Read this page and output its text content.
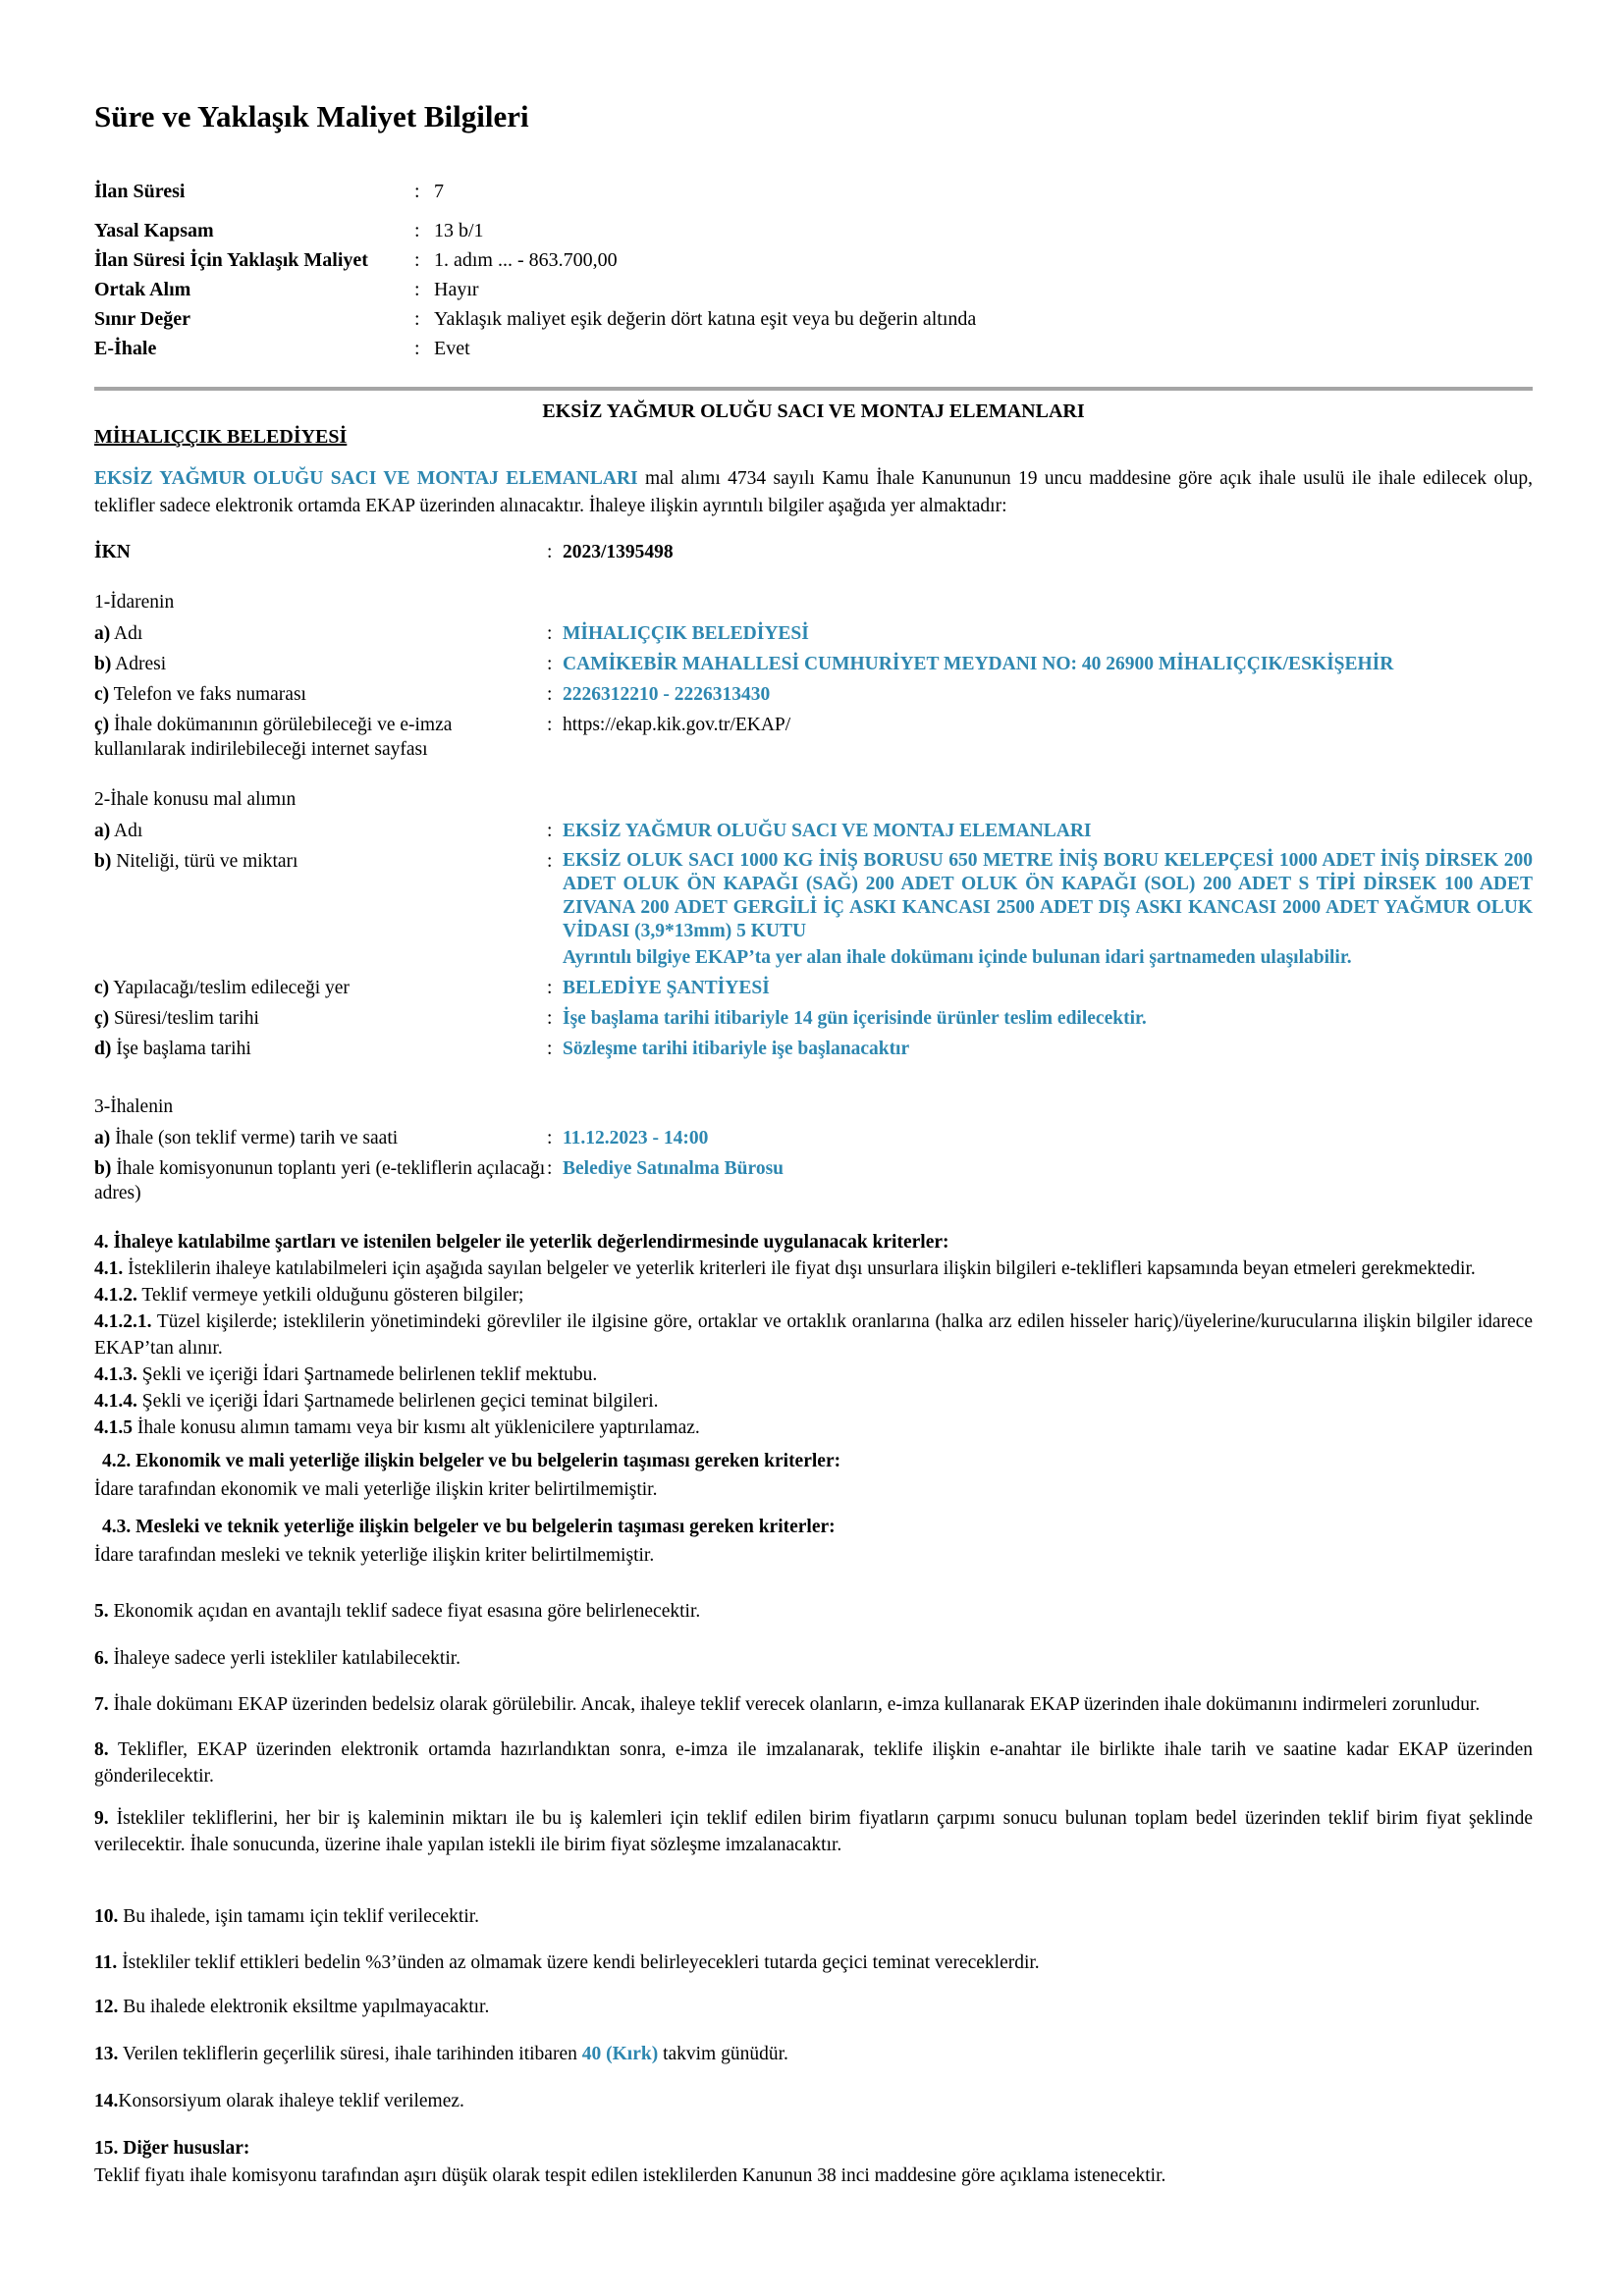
Süre ve Yaklaşık Maliyet Bilgileri
İlan Süresi	: 7
Yasal Kapsam	: 13 b/1
İlan Süresi İçin Yaklaşık Maliyet	: 1. adım ... - 863.700,00
Ortak Alım	: Hayır
Sınır Değer	: Yaklaşık maliyet eşik değerin dört katına eşit veya bu değerin altında
E-İhale	: Evet
EKSİZ YAĞMUR OLUĞU SACI VE MONTAJ ELEMANLARI
MİHALIÇÇIK BELEDİYESİ

EKSİZ YAĞMUR OLUĞU SACI VE MONTAJ ELEMANLARI mal alımı 4734 sayılı Kamu İhale Kanununun 19 uncu maddesine göre açık ihale usulü ile ihale edilecek olup, teklifler sadece elektronik ortamda EKAP üzerinden alınacaktır. İhaleye ilişkin ayrıntılı bilgiler aşağıda yer almaktadır:

İKN	: 2023/1395498
1-İdarenin
a) Adı	: MİHALIÇÇIK BELEDİYESİ
b) Adresi	: CAMİKEBİR MAHALLESİ CUMHURİYET MEYDANI NO: 40 26900 MİHALIÇÇIK/ESKİŞEHİR
c) Telefon ve faks numarası	: 2226312210 - 2226313430
ç) İhale dokümanının görülebileceği ve e-imza kullanılarak indirilebileceği internet sayfası
: https://ekap.kik.gov.tr/EKAP/
2-İhale konusu mal alımın
a) Adı	: EKSİZ YAĞMUR OLUĞU SACI VE MONTAJ ELEMANLARI
b) Niteliği, türü ve miktarı	: EKSİZ OLUK SACI 1000 KG İNİŞ BORUSU 650 METRE İNİŞ BORU KELEPÇESİ 1000 ADET İNİŞ DİRSEK 200 ADET OLUK ÖN KAPAĞI (SAĞ) 200 ADET OLUK ÖN KAPAĞI (SOL) 200 ADET S TİPİ DİRSEK 100 ADET ZIVANA 200 ADET GERGİLİ İÇ ASKI KANCASI 2500 ADET DIŞ ASKI KANCASI 2000 ADET YAĞMUR OLUK VİDASI (3,9*13mm) 5 KUTU
Ayrıntılı bilgiye EKAP’ta yer alan ihale dokümanı içinde bulunan idari şartnameden ulaşılabilir.
c) Yapılacağı/teslim edileceği yer	: BELEDİYE ŞANTİYESİ
ç) Süresi/teslim tarihi	: İşe başlama tarihi itibariyle 14 gün içerisinde ürünler teslim edilecektir.
d) İşe başlama tarihi	: Sözleşme tarihi itibariyle işe başlanacaktır
3-İhalenin
a) İhale (son teklif verme) tarih ve saati	: 11.12.2023 - 14:00
b) İhale komisyonunun toplantı yeri (e-tekliflerin açılacağı adres)
: Belediye Satınalma Bürosu

4. İhaleye katılabilme şartları ve istenilen belgeler ile yeterlik değerlendirmesinde uygulanacak kriterler:

4.1. İsteklilerin ihaleye katılabilmeleri için aşağıda sayılan belgeler ve yeterlik kriterleri ile fiyat dışı unsurlara ilişkin bilgileri e-teklifleri kapsamında beyan etmeleri gerekmektedir.

4.1.2. Teklif vermeye yetkili olduğunu gösteren bilgiler;

4.1.2.1. Tüzel kişilerde; isteklilerin yönetimindeki görevliler ile ilgisine göre, ortaklar ve ortaklık oranlarına (halka arz edilen hisseler hariç)/üyelerine/kurucularına ilişkin bilgiler idarece EKAP’tan alınır.

4.1.3. Şekli ve içeriği İdari Şartnamede belirlenen teklif mektubu.

4.1.4. Şekli ve içeriği İdari Şartnamede belirlenen geçici teminat bilgileri.

4.1.5 İhale konusu alımın tamamı veya bir kısmı alt yüklenicilere yaptırılamaz.

4.2. Ekonomik ve mali yeterliğe ilişkin belgeler ve bu belgelerin taşıması gereken kriterler:

İdare tarafından ekonomik ve mali yeterliğe ilişkin kriter belirtilmemiştir.

4.3. Mesleki ve teknik yeterliğe ilişkin belgeler ve bu belgelerin taşıması gereken kriterler:

İdare tarafından mesleki ve teknik yeterliğe ilişkin kriter belirtilmemiştir.

5. Ekonomik açıdan en avantajlı teklif sadece fiyat esasına göre belirlenecektir.

6. İhaleye sadece yerli istekliler katılabilecektir.

7. İhale dokümanı EKAP üzerinden bedelsiz olarak görülebilir. Ancak, ihaleye teklif verecek olanların, e-imza kullanarak EKAP üzerinden ihale dokümanını indirmeleri zorunludur.

8. Teklifler, EKAP üzerinden elektronik ortamda hazırlandıktan sonra, e-imza ile imzalanarak, teklife ilişkin e-anahtar ile birlikte ihale tarih ve saatine kadar EKAP üzerinden gönderilecektir.

9. İstekliler tekliflerini, her bir iş kaleminin miktarı ile bu iş kalemleri için teklif edilen birim fiyatların çarpımı sonucu bulunan toplam bedel üzerinden teklif birim fiyat şeklinde verilecektir. İhale sonucunda, üzerine ihale yapılan istekli ile birim fiyat sözleşme imzalanacaktır.

10. Bu ihalede, işin tamamı için teklif verilecektir.

11. İstekliler teklif ettikleri bedelin %3’ünden az olmamak üzere kendi belirleyecekleri tutarda geçici teminat vereceklerdir.

12. Bu ihalede elektronik eksiltme yapılmayacaktır.

13. Verilen tekliflerin geçerlilik süresi, ihale tarihinden itibaren 40 (Kırk) takvim günüdür.

14.Konsorsiyum olarak ihaleye teklif verilemez.

15. Diğer hususlar:

Teklif fiyatı ihale komisyonu tarafından aşırı düşük olarak tespit edilen isteklilerden Kanunun 38 inci maddesine göre açıklama istenecektir.
